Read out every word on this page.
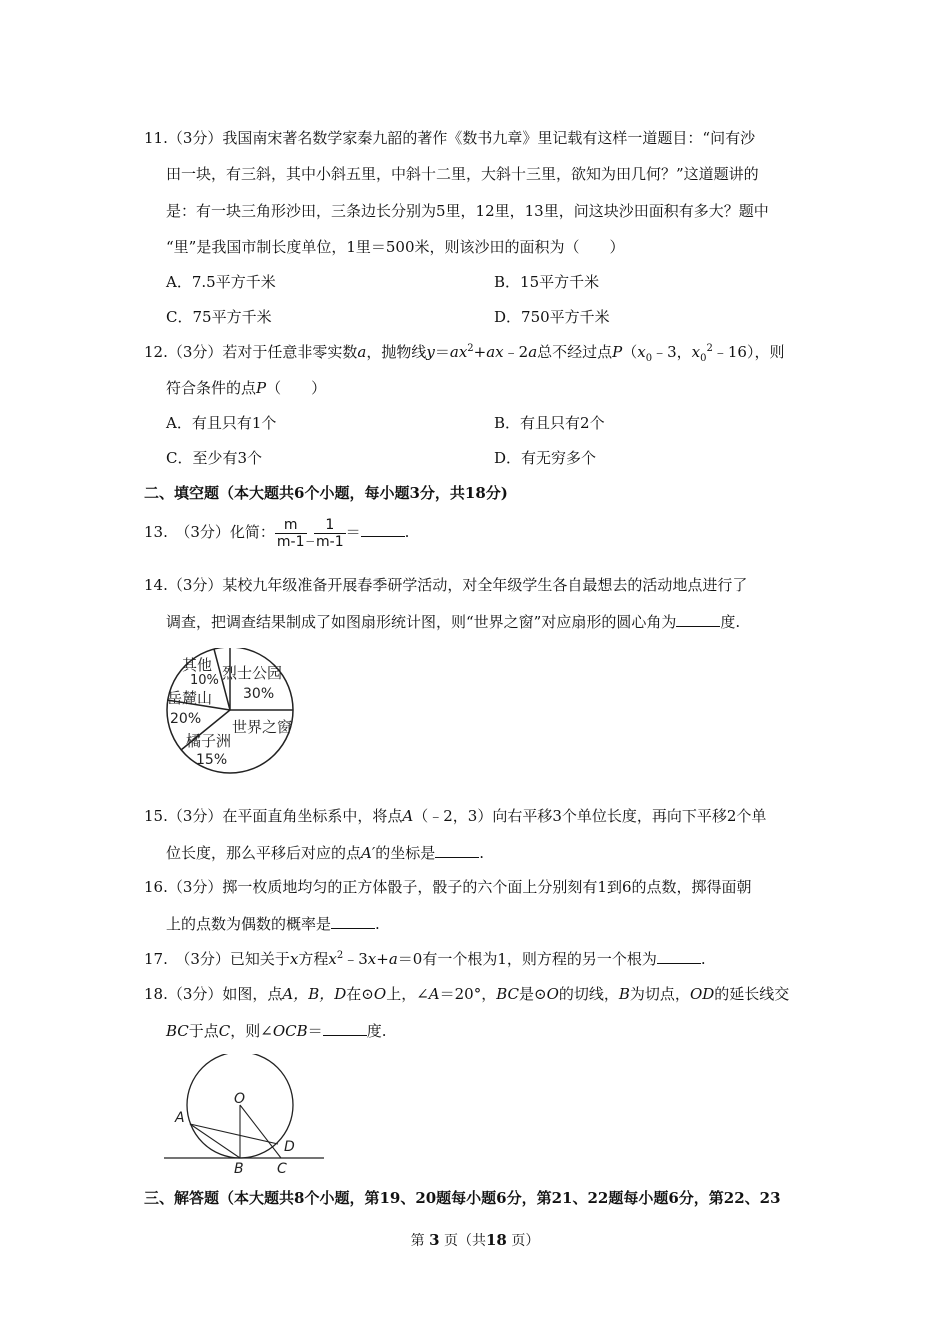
11.（3分）我国南宋著名数学家秦九韶的著作《数书九章》里记载有这样一道题目：“问有沙
田一块，有三斜，其中小斜五里，中斜十二里，大斜十三里，欲知为田几何？”这道题讲的
是：有一块三角形沙田，三条边长分别为5里，12里，13里，问这块沙田面积有多大？题中
“里”是我国市制长度单位，1里＝500米，则该沙田的面积为（　　）
A．7.5平方千米	B．15平方千米
C．75平方千米	D．750平方千米
12.（3分）若对于任意非零实数a，抛物线$y=ax^2+ax﹣2a$总不经过点$P(x_0﹣3$，$x_0^2﹣16$），则
符合条件的点P（　　）
A．有且只有1个	B．有且只有2个
C．至少有3个	D．有无穷多个
二、填空题（本大题共6个小题，每小题3分，共18分)
13.　（3分）化简： $\frac{m}{m-1}$ _ $\frac{1}{m-1}$ ＝	.
14.（3分）某校九年级准备开展春季研学活动，对全年级学生各自最想去的活动地点进行了
调查，把调查结果制成了如图扇形统计图，则“世界之窗”对应扇形的圆心角为	度.
烈士公园
30%
世界之窗
橘子洲
15%
岳麓山
20%
其他
10%
15.（3分）在平面直角坐标系中，将点A（﹣2，3）向右平移3个单位长度，再向下平移2个单
位长度，那么平移后对应的点A′的坐标是	.
16.（3分）掷一枚质地均匀的正方体骰子，骰子的六个面上分别刻有1到6的点数，掷得面朝
上的点数为偶数的概率是	.
17.　（3分）已知关于x方程$x^2﹣3x+a=0$有一个根为1，则方程的另一个根为	.
18.（3分）如图，点A，B，D在⊙O上，∠A＝20°，BC是⊙O的切线，B为切点，OD的延长线交
BC于点C，则∠OCB＝	度.
O
A
B C
D
三、解答题（本大题共8个小题，第19、20题每小题6分，第21、22题每小题6分，第22、23
第 3 页（共18 页）
